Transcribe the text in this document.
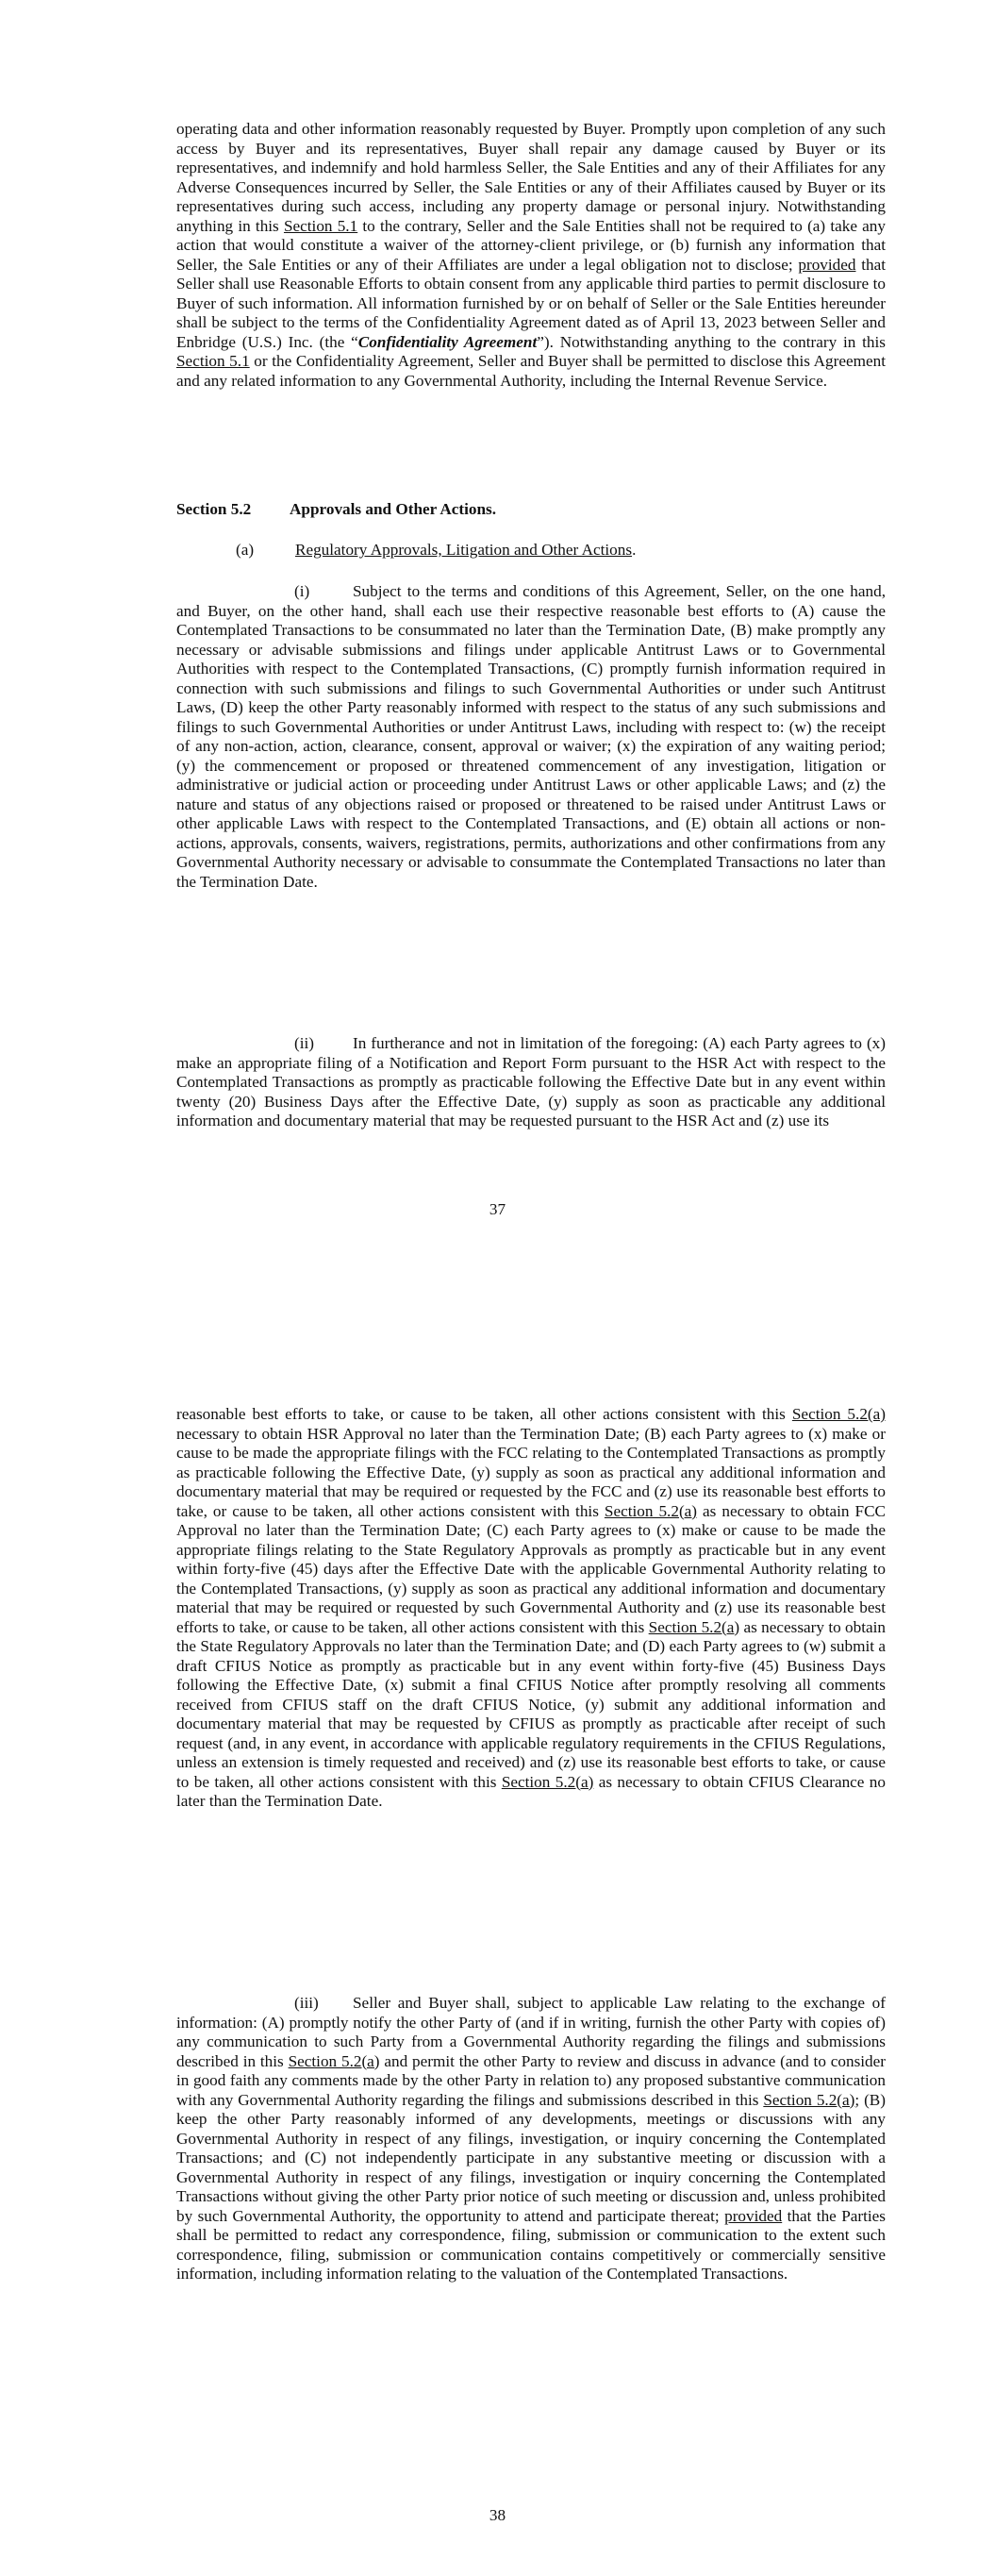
operating data and other information reasonably requested by Buyer. Promptly upon completion of any such access by Buyer and its representatives, Buyer shall repair any damage caused by Buyer or its representatives, and indemnify and hold harmless Seller, the Sale Entities and any of their Affiliates for any Adverse Consequences incurred by Seller, the Sale Entities or any of their Affiliates caused by Buyer or its representatives during such access, including any property damage or personal injury. Notwithstanding anything in this Section 5.1 to the contrary, Seller and the Sale Entities shall not be required to (a) take any action that would constitute a waiver of the attorney-client privilege, or (b) furnish any information that Seller, the Sale Entities or any of their Affiliates are under a legal obligation not to disclose; provided that Seller shall use Reasonable Efforts to obtain consent from any applicable third parties to permit disclosure to Buyer of such information. All information furnished by or on behalf of Seller or the Sale Entities hereunder shall be subject to the terms of the Confidentiality Agreement dated as of April 13, 2023 between Seller and Enbridge (U.S.) Inc. (the “Confidentiality Agreement”). Notwithstanding anything to the contrary in this Section 5.1 or the Confidentiality Agreement, Seller and Buyer shall be permitted to disclose this Agreement and any related information to any Governmental Authority, including the Internal Revenue Service.

Section 5.2 Approvals and Other Actions.

(a)	Regulatory Approvals, Litigation and Other Actions.

(i)	Subject to the terms and conditions of this Agreement, Seller, on the one hand, and Buyer, on the other hand, shall each use their respective reasonable best efforts to (A) cause the Contemplated Transactions to be consummated no later than the Termination Date, (B) make promptly any necessary or advisable submissions and filings under applicable Antitrust Laws or to Governmental Authorities with respect to the Contemplated Transactions, (C) promptly furnish information required in connection with such submissions and filings to such Governmental Authorities or under such Antitrust Laws, (D) keep the other Party reasonably informed with respect to the status of any such submissions and filings to such Governmental Authorities or under Antitrust Laws, including with respect to: (w) the receipt of any non-action, action, clearance, consent, approval or waiver; (x) the expiration of any waiting period; (y) the commencement or proposed or threatened commencement of any investigation, litigation or administrative or judicial action or proceeding under Antitrust Laws or other applicable Laws; and (z) the nature and status of any objections raised or proposed or threatened to be raised under Antitrust Laws or other applicable Laws with respect to the Contemplated Transactions, and (E) obtain all actions or non-actions, approvals, consents, waivers, registrations, permits, authorizations and other confirmations from any Governmental Authority necessary or advisable to consummate the Contemplated Transactions no later than the Termination Date.

(ii) In furtherance and not in limitation of the foregoing: (A) each Party agrees to (x) make an appropriate filing of a Notification and Report Form pursuant to the HSR Act with respect to the Contemplated Transactions as promptly as practicable following the Effective Date but in any event within twenty (20) Business Days after the Effective Date, (y) supply as soon as practicable any additional information and documentary material that may be requested pursuant to the HSR Act and (z) use its

37

reasonable best efforts to take, or cause to be taken, all other actions consistent with this Section 5.2(a) necessary to obtain HSR Approval no later than the Termination Date; (B) each Party agrees to (x) make or cause to be made the appropriate filings with the FCC relating to the Contemplated Transactions as promptly as practicable following the Effective Date, (y) supply as soon as practical any additional information and documentary material that may be required or requested by the FCC and (z) use its reasonable best efforts to take, or cause to be taken, all other actions consistent with this Section 5.2(a) as necessary to obtain FCC Approval no later than the Termination Date; (C) each Party agrees to (x) make or cause to be made the appropriate filings relating to the State Regulatory Approvals as promptly as practicable but in any event within forty-five (45) days after the Effective Date with the applicable Governmental Authority relating to the Contemplated Transactions, (y) supply as soon as practical any additional information and documentary material that may be required or requested by such Governmental Authority and (z) use its reasonable best efforts to take, or cause to be taken, all other actions consistent with this Section 5.2(a) as necessary to obtain the State Regulatory Approvals no later than the Termination Date; and (D) each Party agrees to (w) submit a draft CFIUS Notice as promptly as practicable but in any event within forty-five (45) Business Days following the Effective Date, (x) submit a final CFIUS Notice after promptly resolving all comments received from CFIUS staff on the draft CFIUS Notice, (y) submit any additional information and documentary material that may be requested by CFIUS as promptly as practicable after receipt of such request (and, in any event, in accordance with applicable regulatory requirements in the CFIUS Regulations, unless an extension is timely requested and received) and (z) use its reasonable best efforts to take, or cause to be taken, all other actions consistent with this Section 5.2(a) as necessary to obtain CFIUS Clearance no later than the Termination Date.

(iii) Seller and Buyer shall, subject to applicable Law relating to the exchange of information: (A) promptly notify the other Party of (and if in writing, furnish the other Party with copies of) any communication to such Party from a Governmental Authority regarding the filings and submissions described in this Section 5.2(a) and permit the other Party to review and discuss in advance (and to consider in good faith any comments made by the other Party in relation to) any proposed substantive communication with any Governmental Authority regarding the filings and submissions described in this Section 5.2(a); (B) keep the other Party reasonably informed of any developments, meetings or discussions with any Governmental Authority in respect of any filings, investigation, or inquiry concerning the Contemplated Transactions; and (C) not independently participate in any substantive meeting or discussion with a Governmental Authority in respect of any filings, investigation or inquiry concerning the Contemplated Transactions without giving the other Party prior notice of such meeting or discussion and, unless prohibited by such Governmental Authority, the opportunity to attend and participate thereat; provided that the Parties shall be permitted to redact any correspondence, filing, submission or communication to the extent such correspondence, filing, submission or communication contains competitively or commercially sensitive information, including information relating to the valuation of the Contemplated Transactions.

38
